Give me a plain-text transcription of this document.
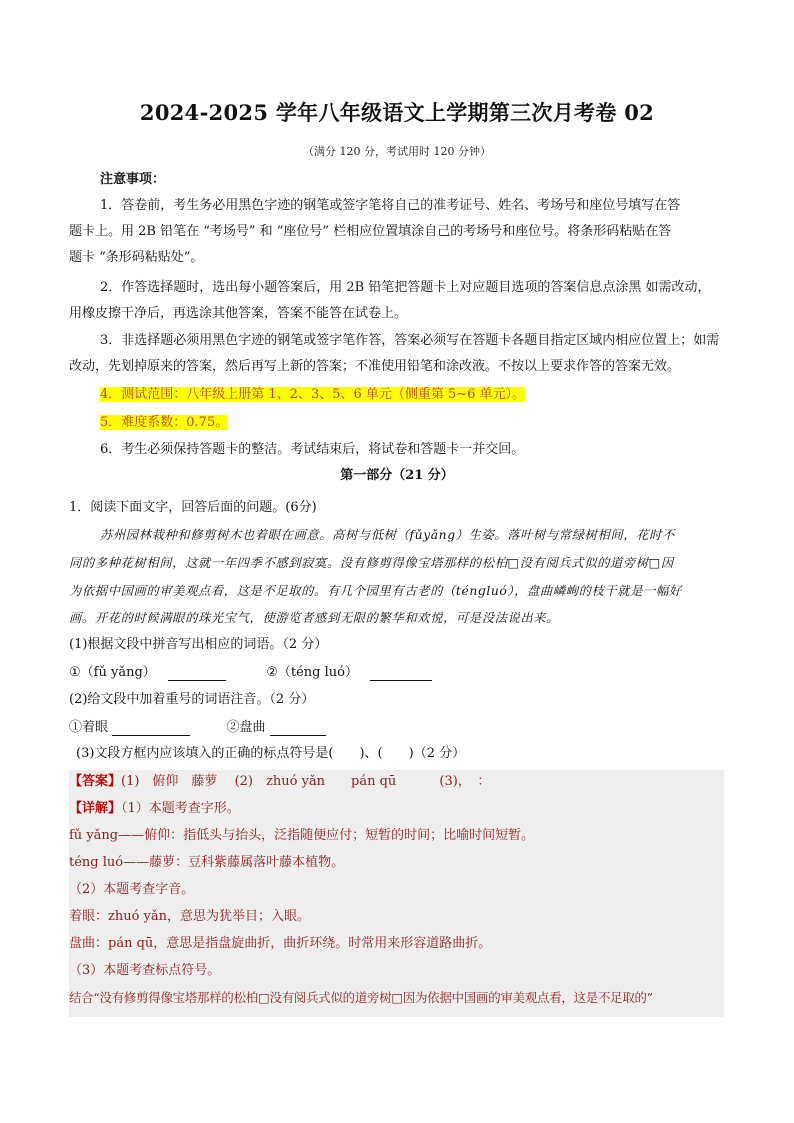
2024-2025 学年八年级语文上学期第三次月考卷 02
（满分 120 分，考试用时 120 分钟）
注意事项：
1．答卷前，考生务必用黑色字迹的钢笔或签字笔将自己的准考证号、姓名、考场号和座位号填写在答
题卡上。用 2B 铅笔在 “考场号” 和 “座位号” 栏相应位置填涂自己的考场号和座位号。将条形码粘贴在答
题卡 “条形码粘贴处”。
2．作答选择题时，选出每小题答案后，用 2B 铅笔把答题卡上对应题目选项的答案信息点涂黑 如需改动，
用橡皮擦干净后，再选涂其他答案，答案不能答在试卷上。
3．非选择题必须用黑色字迹的钢笔或签字笔作答，答案必须写在答题卡各题目指定区域内相应位置上；如需
改动，先划掉原来的答案，然后再写上新的答案；不准使用铅笔和涂改液。不按以上要求作答的答案无效。
4．测试范围：八年级上册第 1、2、3、5、6 单元（侧重第 5~6 单元）。
5．难度系数：0.75。
6．考生必须保持答题卡的整洁。考试结束后，将试卷和答题卡一并交回。
第一部分（21 分）
1．阅读下面文字，回答后面的问题。(6分)
苏州园林栽种和修剪树木也着眼在画意。高树与低树（fǔyǎng）生姿。落叶树与常绿树相间，花时不
同的多种花树相间，这就一年四季不感到寂寞。没有修剪得像宝塔那样的松柏□没有阅兵式似的道旁树□因
为依据中国画的审美观点看，这是不足取的。有几个园里有古老的（ténɡluó），盘曲嶙峋的枝干就是一幅好
画。开花的时候满眼的珠光宝气，使游览者感到无限的繁华和欢悦，可是没法说出来。
(1)根据文段中拼音写出相应的词语。（2 分）
①（fǔ yǎng）	②（téng luó）
(2)给文段中加着重号的词语注音。（2 分）
①着眼	②盘曲
(3)文段方框内应该填入的正确的标点符号是(　　)、(　　)（2 分）
【答案】(1)　俯仰　藤萝　 (2)　zhuó yǎn　　pán qū　　　 (3)，　：
【详解】（1）本题考查字形。
fǔ yǎng——俯仰：指低头与抬头，泛指随便应付；短暂的时间；比喻时间短暂。
téng luó——藤萝：豆科紫藤属落叶藤本植物。
（2）本题考查字音。
着眼：zhuó yǎn，意思为犹举目；入眼。
盘曲：pán qū，意思是指盘旋曲折，曲折环绕。时常用来形容道路曲折。
（3）本题考查标点符号。
结合“没有修剪得像宝塔那样的松柏□没有阅兵式似的道旁树□因为依据中国画的审美观点看，这是不足取的”
